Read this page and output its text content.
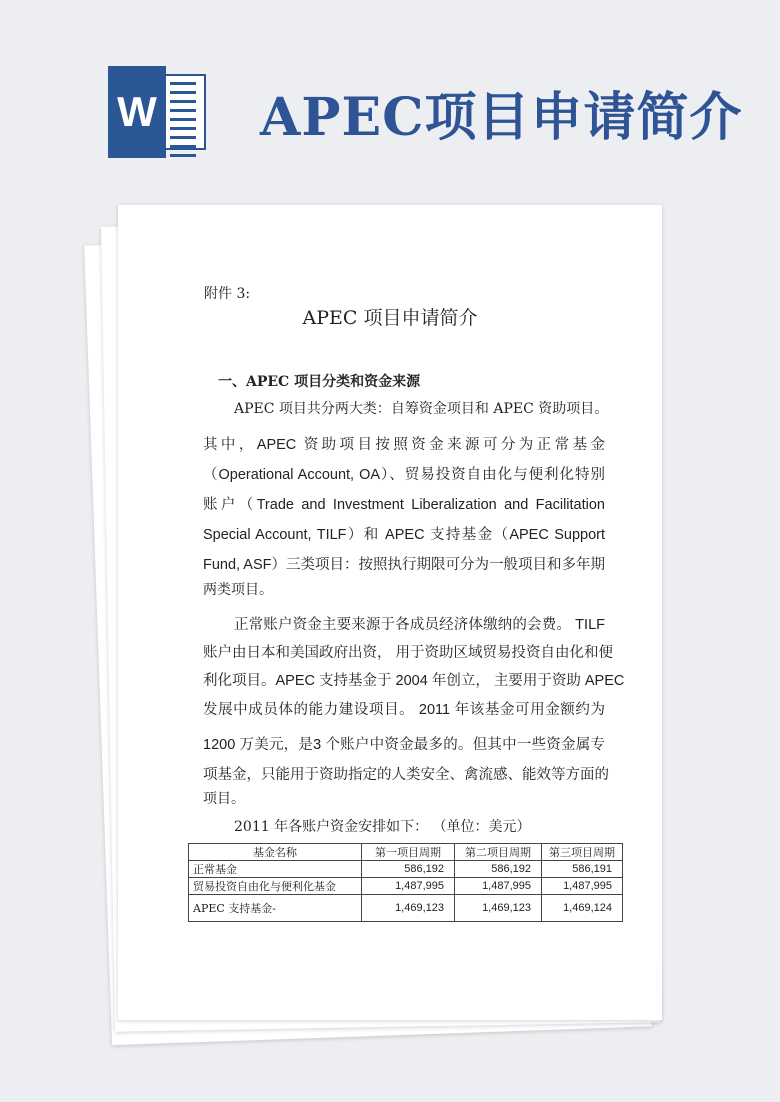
W APEC项目申请简介
附件 3:
APEC 项目申请简介
一、APEC 项目分类和资金来源
APEC 项目共分两大类：自筹资金项目和 APEC 资助项目。
其中，APEC 资助项目按照资金来源可分为正常基金
（Operational Account, OA）、贸易投资自由化与便利化特别
账户（Trade and Investment Liberalization and Facilitation
Special Account, TILF）和 APEC 支持基金（APEC Support
Fund, ASF）三类项目：按照执行期限可分为一般项目和多年期
两类项目。
正常账户资金主要来源于各成员经济体缴纳的会费。 TILF
账户由日本和美国政府出资， 用于资助区域贸易投资自由化和便
利化项目。APEC 支持基金于 2004 年创立， 主要用于资助 APEC
发展中成员体的能力建设项目。 2011 年该基金可用金额约为
1200 万美元，是3 个账户中资金最多的。但其中一些资金属专
项基金，只能用于资助指定的人类安全、禽流感、能效等方面的
项目。
2011 年各账户资金安排如下： （单位：美元）
基金名称	第一项目周期	第二项目周期	第三项目周期
正常基金	586,192	586,192	586,191
贸易投资自由化与便利化基金	1,487,995	1,487,995	1,487,995
APEC 支持基金-	1,469,123	1,469,123	1,469,124
